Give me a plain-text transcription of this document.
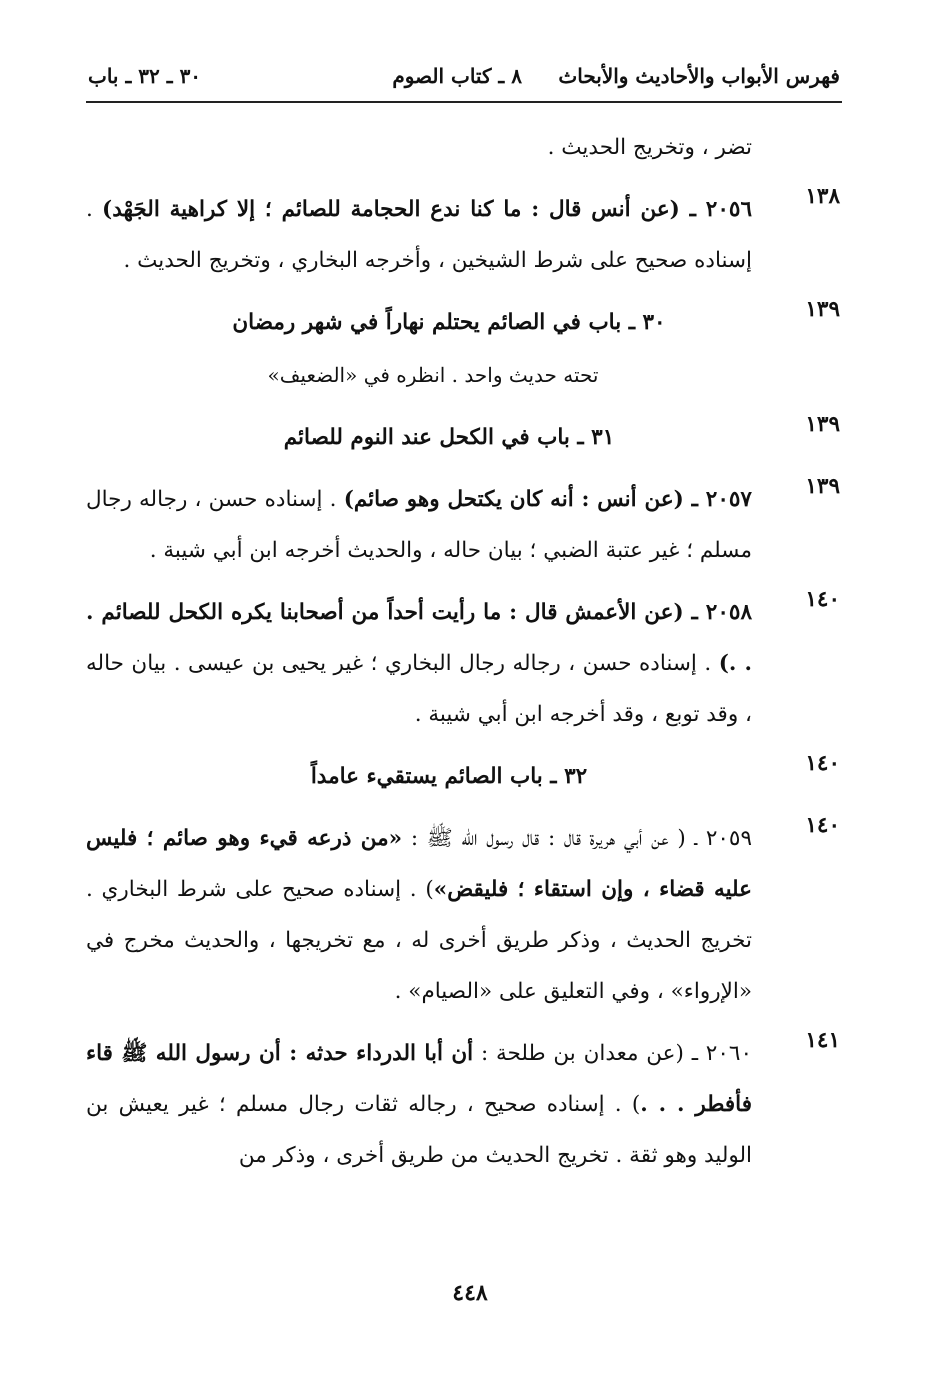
فهرس الأبواب والأحاديث والأبحاث
٨ ـ كتاب الصوم
٣٠ ـ ٣٢ ـ باب
تضر ، وتخريج الحديث .
١٣٨
٢٠٥٦ ـ (عن أنس قال : ما كنا ندع الحجامة للصائم ؛ إلا كراهية الجَهْد) . إسناده صحيح على شرط الشيخين ، وأخرجه البخاري ، وتخريج الحديث .
١٣٩
٣٠ ـ باب في الصائم يحتلم نهاراً في شهر رمضان
تحته حديث واحد . انظره في «الضعيف»
١٣٩
٣١ ـ باب في الكحل عند النوم للصائم
١٣٩
٢٠٥٧ ـ (عن أنس : أنه كان يكتحل وهو صائم) . إسناده حسن ، رجاله رجال مسلم ؛ غير عتبة الضبي ؛ بيان حاله ، والحديث أخرجه ابن أبي شيبة .
١٤٠
٢٠٥٨ ـ (عن الأعمش قال : ما رأيت أحداً من أصحابنا يكره الكحل للصائم . . .) . إسناده حسن ، رجاله رجال البخاري ؛ غير يحيى بن عيسى . بيان حاله ، وقد توبع ، وقد أخرجه ابن أبي شيبة .
١٤٠
٣٢ ـ باب الصائم يستقيء عامداً
١٤٠
٢٠٥٩ ـ ( عن أبي هريرة قال : قال رسول الله ﷺ : «من ذرعه قيء وهو صائم ؛ فليس عليه قضاء ، وإن استقاء ؛ فليقض») . إسناده صحيح على شرط البخاري . تخريج الحديث ، وذكر طريق أخرى له ، مع تخريجها ، والحديث مخرج في «الإرواء» ، وفي التعليق على «الصيام» .
١٤١
٢٠٦٠ ـ (عن معدان بن طلحة : أن أبا الدرداء حدثه : أن رسول الله ﷺ قاء فأفطر . . .) . إسناده صحيح ، رجاله ثقات رجال مسلم ؛ غير يعيش بن الوليد وهو ثقة . تخريج الحديث من طريق أخرى ، وذكر من
٤٤٨
